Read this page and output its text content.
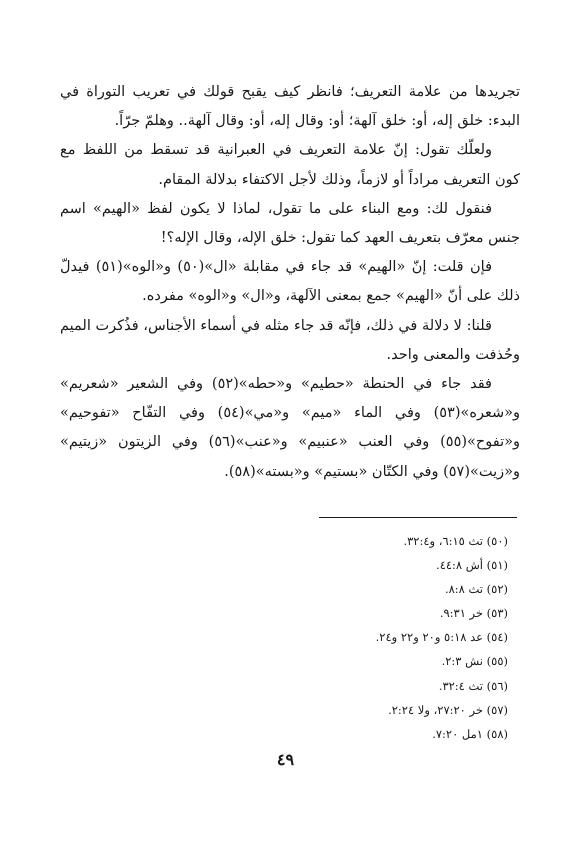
تجريدها من علامة التعريف؛ فانظر كيف يقبح قولك في تعريب التوراة في البدء: خلق إله، أو: خلق آلهة؛ أو: وقال إله، أو: وقال آلهة.. وهلمّ جرّاً.

ولعلّك تقول: إنّ علامة التعريف في العبرانية قد تسقط من اللفظ مع كون التعريف مراداً أو لازماً، وذلك لأجل الاكتفاء بدلالة المقام.

فنقول لك: ومع البناء على ما تقول، لماذا لا يكون لفظ «الهيم» اسم جنس معرّف بتعريف العهد كما تقول: خلق الإله، وقال الإله؟!

فإن قلت: إنّ «الهيم» قد جاء في مقابلة «ال»(٥٠) و«الوه»(٥١) فيدلّ ذلك على أنّ «الهيم» جمع بمعنى الآلهة، و«ال» و«الوه» مفرده.

قلنا: لا دلالة في ذلك، فإنّه قد جاء مثله في أسماء الأجناس، فذُكرت الميم وحُذفت والمعنى واحد.

فقد جاء في الحنطة «حطيم» و«حطه»(٥٢) وفي الشعير «شعريم» و«شعره»(٥٣) وفي الماء «ميم» و«مي»(٥٤) وفي التفّاح «تفوحيم» و«تفوح»(٥٥) وفي العنب «عنبيم» و«عنب»(٥٦) وفي الزيتون «زيتيم» و«زيت»(٥٧) وفي الكتّان «بستيم» و«بسته»(٥٨).

(٥٠) تث ٦:١٥، و٣٢:٤.
(٥١) أش ٤٤:٨.
(٥٢) تث ٨:٨.
(٥٣) خر ٩:٣١.
(٥٤) عد ٥:١٨ و٢٠ و٢٢ و٢٤.
(٥٥) نش ٢:٣.
(٥٦) تث ٣٢:٤.
(٥٧) خر ٢٧:٢٠، ولا ٢:٢٤.
(٥٨) ١مل ٧:٢٠.
٤٩
